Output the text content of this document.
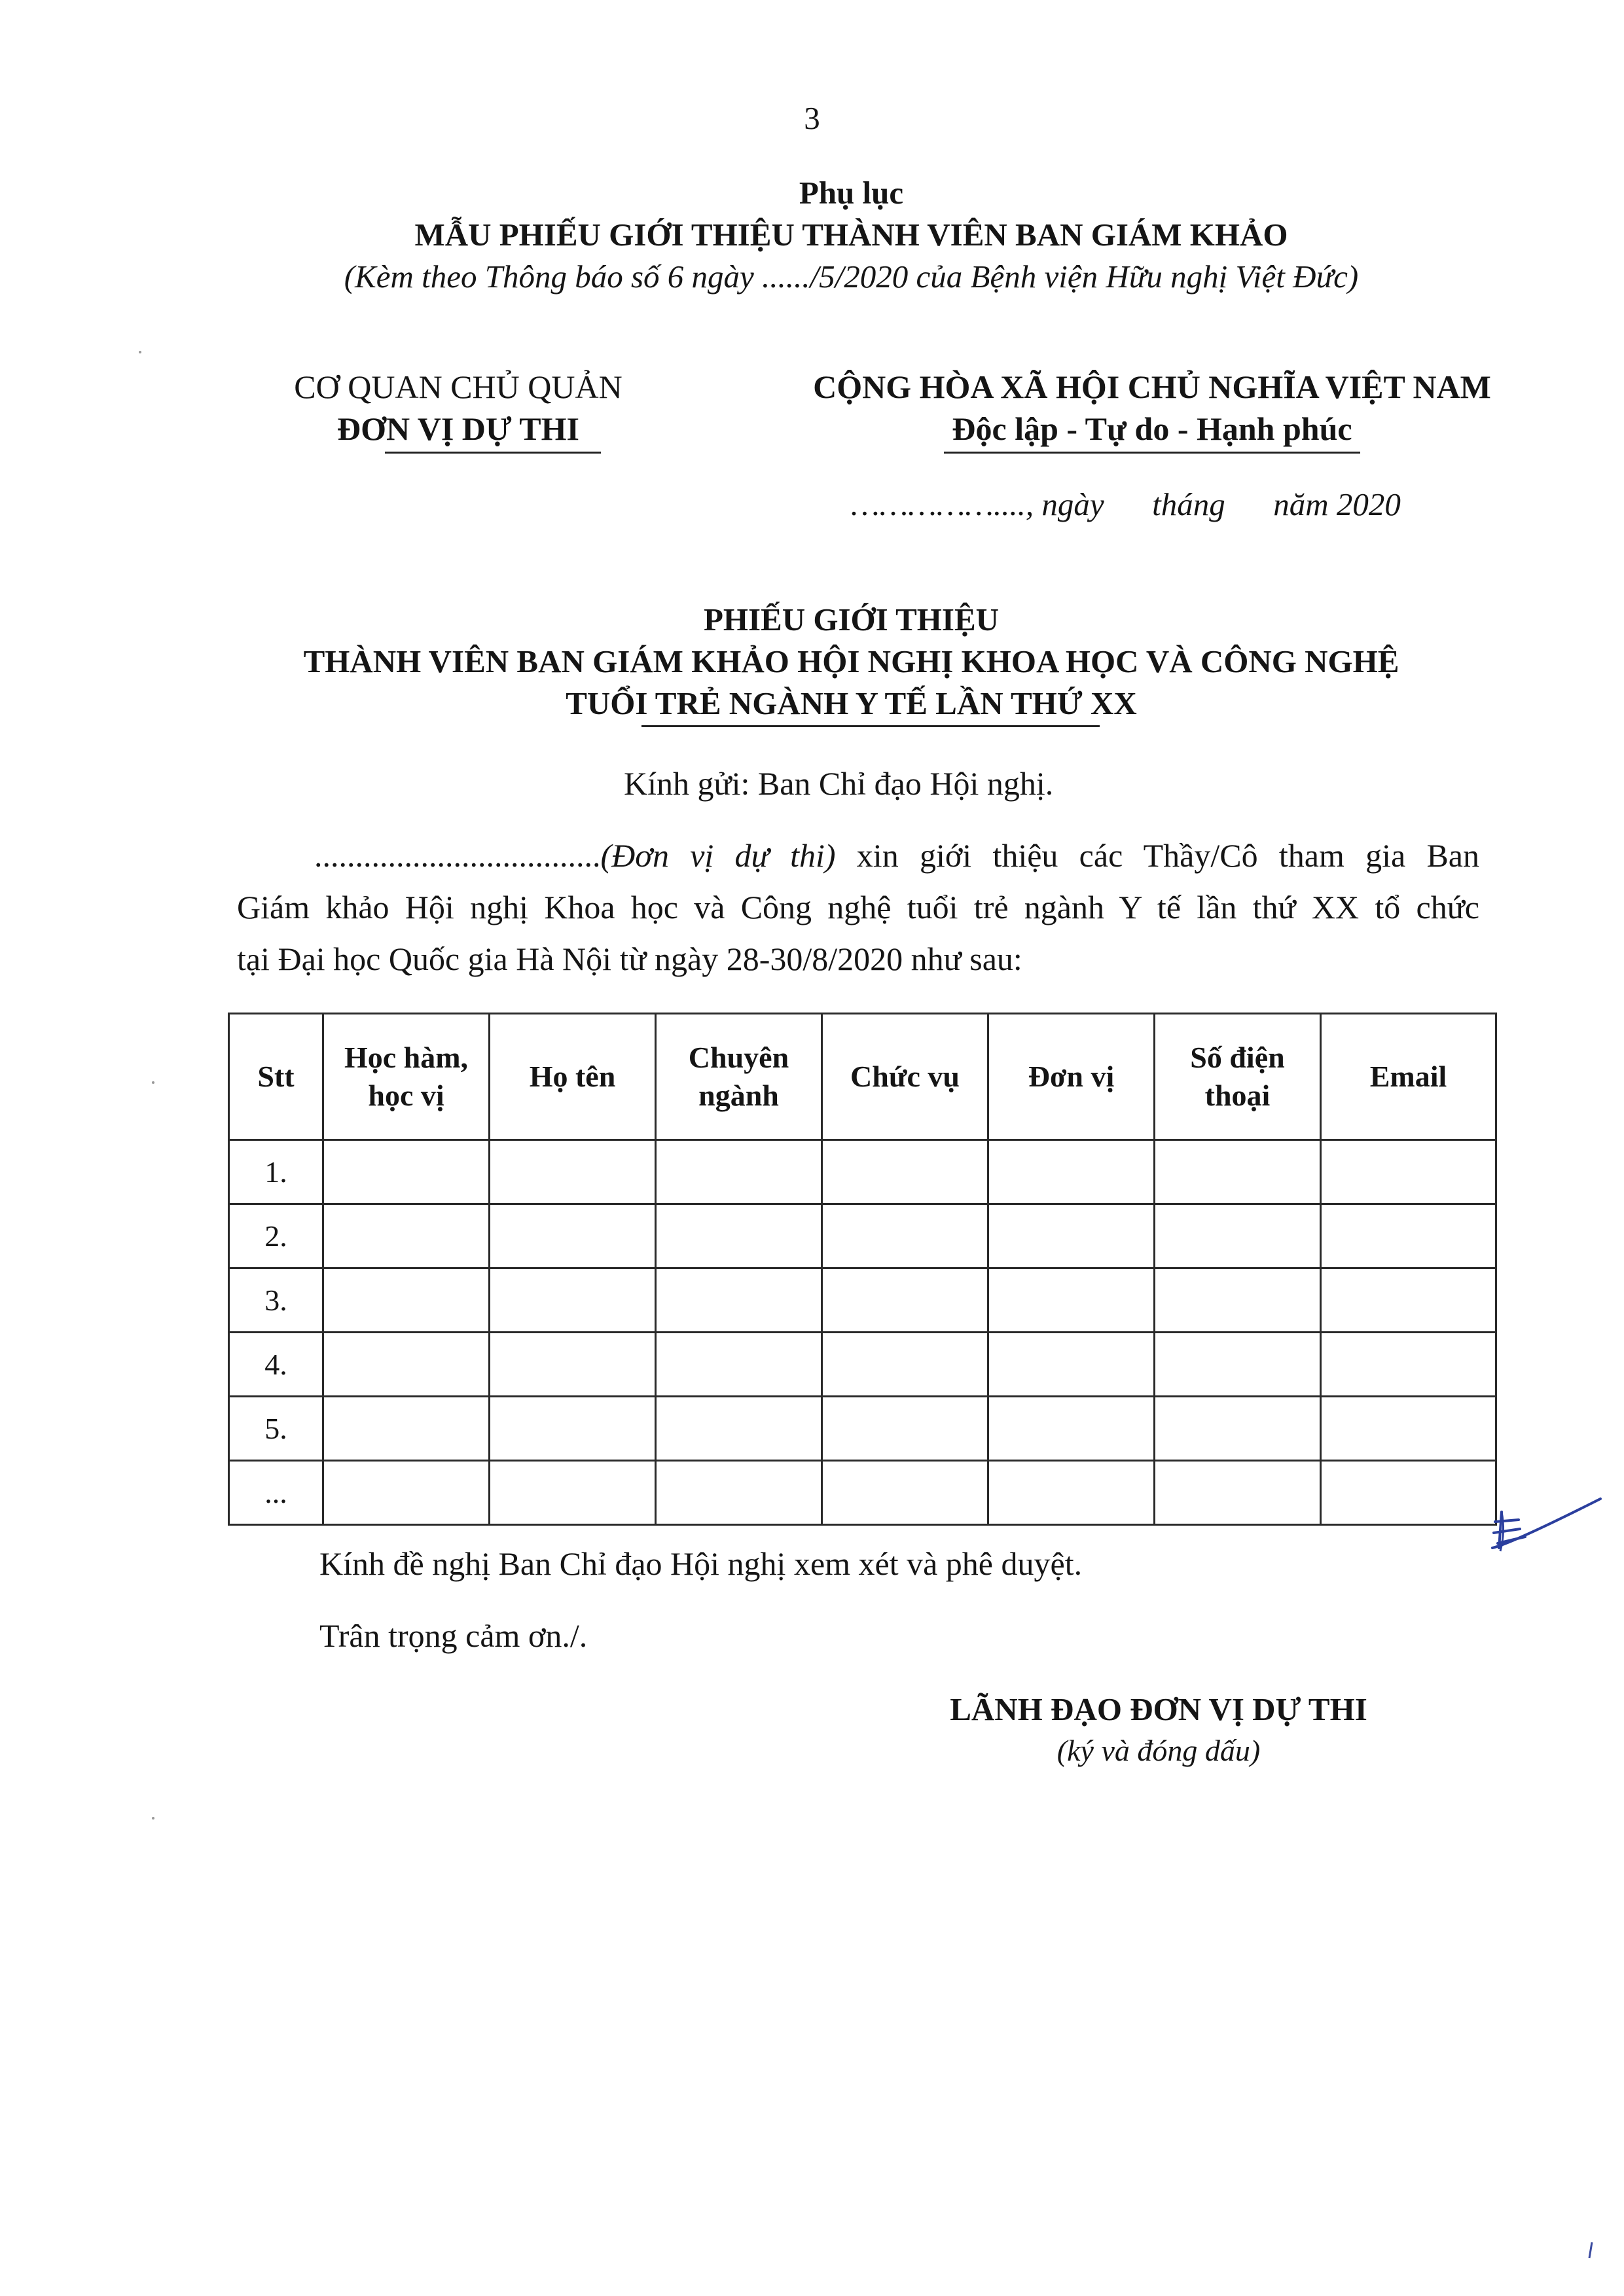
3
Phụ lục
MẪU PHIẾU GIỚI THIỆU THÀNH VIÊN BAN GIÁM KHẢO
(Kèm theo Thông báo số 6 ngày ....../5/2020 của Bệnh viện Hữu nghị Việt Đức)
CƠ QUAN CHỦ QUẢN
ĐƠN VỊ DỰ THI
CỘNG HÒA XÃ HỘI CHỦ NGHĨA VIỆT NAM
Độc lập - Tự do - Hạnh phúc
……………...., ngày      tháng      năm 2020
PHIẾU GIỚI THIỆU
THÀNH VIÊN BAN GIÁM KHẢO HỘI NGHỊ KHOA HỌC VÀ CÔNG NGHỆ
TUỔI TRẺ NGÀNH Y TẾ LẦN THỨ XX
Kính gửi: Ban Chỉ đạo Hội nghị.
...................................(Đơn vị dự thi) xin giới thiệu các Thầy/Cô tham gia Ban
Giám khảo Hội nghị Khoa học và Công nghệ tuổi trẻ ngành Y tế lần thứ XX tổ chức
tại Đại học Quốc gia Hà Nội từ ngày 28-30/8/2020 như sau:
Stt	Học hàm, học vị	Họ tên	Chuyên ngành	Chức vụ	Đơn vị	Số điện thoại	Email
1.							
2.							
3.							
4.							
5.							
...							
Kính đề nghị Ban Chỉ đạo Hội nghị xem xét và phê duyệt.
Trân trọng cảm ơn./.
LÃNH ĐẠO ĐƠN VỊ DỰ THI
(ký và đóng dấu)
